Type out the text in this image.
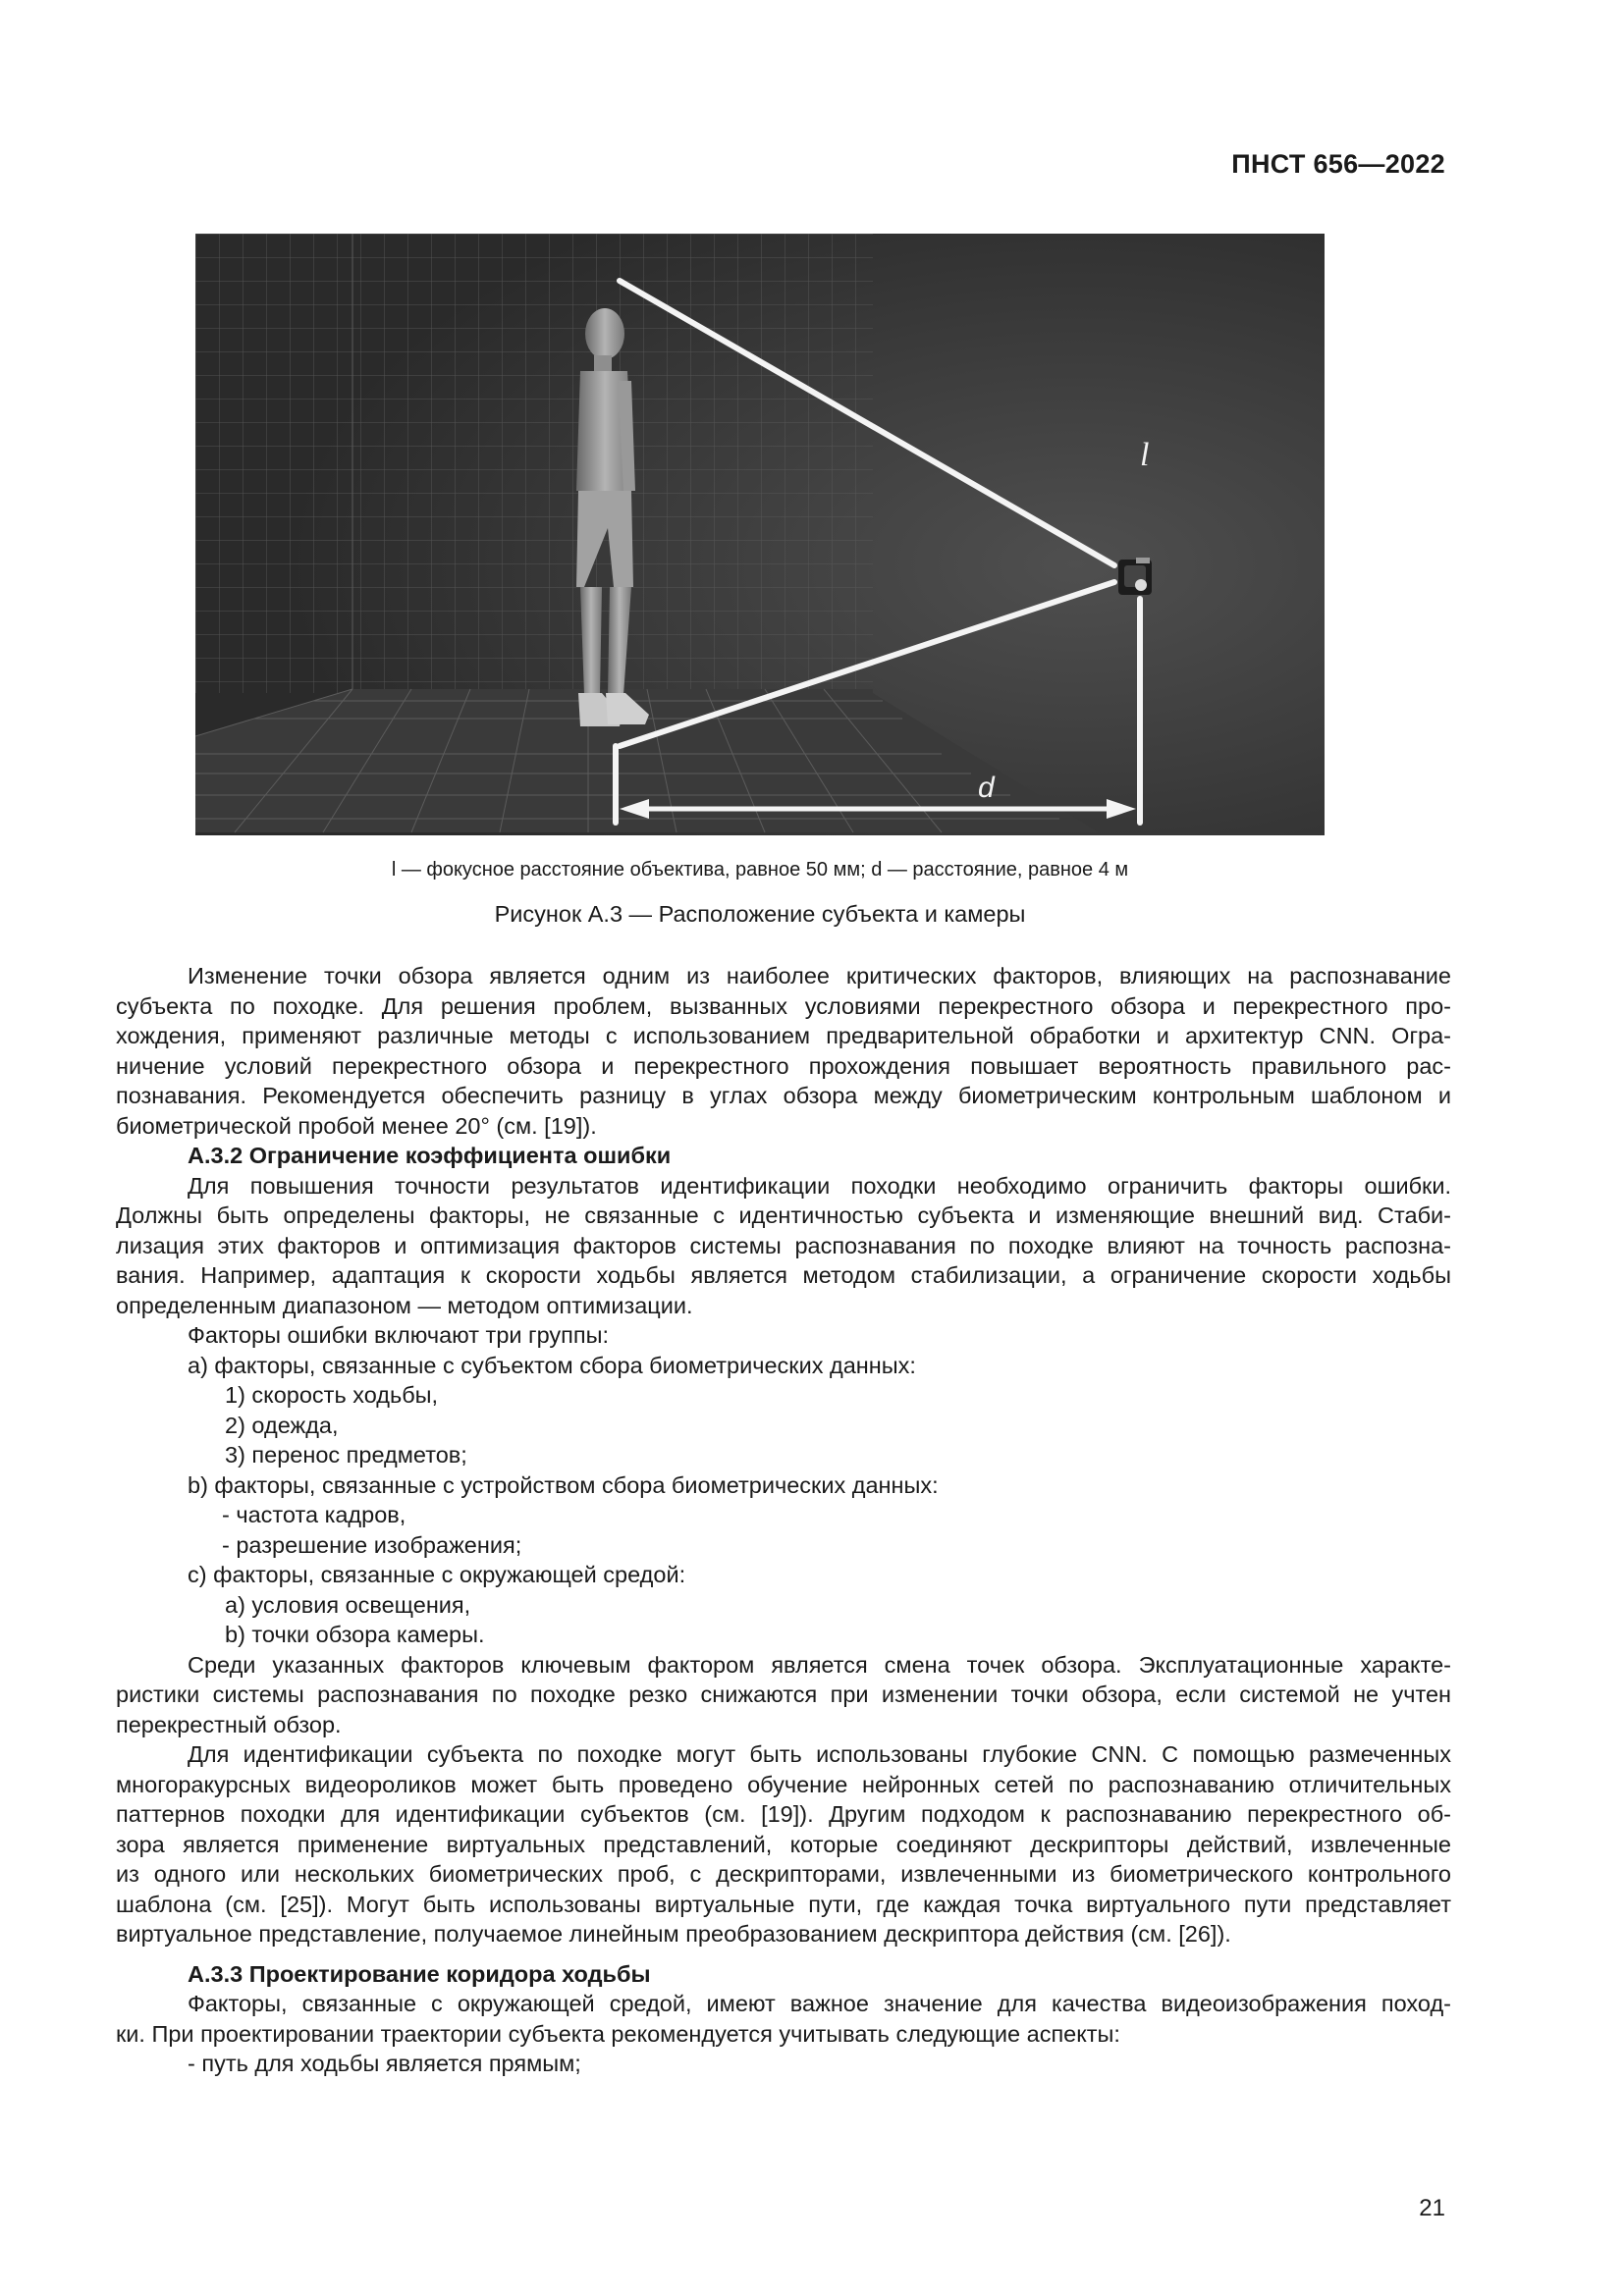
ПНСТ 656—2022
l
d
l — фокусное расстояние объектива, равное 50 мм; d — расстояние, равное 4 м
Рисунок А.3 — Расположение субъекта и камеры

Изменение точки обзора является одним из наиболее критических факторов, влияющих на распознавание

субъекта по походке. Для решения проблем, вызванных условиями перекрестного обзора и перекрестного про-

хождения, применяют различные методы с использованием предварительной обработки и архитектур CNN. Огра-

ничение условий перекрестного обзора и перекрестного прохождения повышает вероятность правильного рас-

познавания. Рекомендуется обеспечить разницу в углах обзора между биометрическим контрольным шаблоном и

биометрической пробой менее 20° (см. [19]).

А.3.2 Ограничение коэффициента ошибки

Для повышения точности результатов идентификации походки необходимо ограничить факторы ошибки.

Должны быть определены факторы, не связанные с идентичностью субъекта и изменяющие внешний вид. Стаби-

лизация этих факторов и оптимизация факторов системы распознавания по походке влияют на точность распозна-

вания. Например, адаптация к скорости ходьбы является методом стабилизации, а ограничение скорости ходьбы

определенным диапазоном — методом оптимизации.

Факторы ошибки включают три группы:

a) факторы, связанные с субъектом сбора биометрических данных:

1) скорость ходьбы,

2) одежда,

3) перенос предметов;

b) факторы, связанные с устройством сбора биометрических данных:

- частота кадров,

- разрешение изображения;

c) факторы, связанные с окружающей средой:

a) условия освещения,

b) точки обзора камеры.

Среди указанных факторов ключевым фактором является смена точек обзора. Эксплуатационные характе-

ристики системы распознавания по походке резко снижаются при изменении точки обзора, если системой не учтен

перекрестный обзор.

Для идентификации субъекта по походке могут быть использованы глубокие CNN. С помощью размеченных

многоракурсных видеороликов может быть проведено обучение нейронных сетей по распознаванию отличительных

паттернов походки для идентификации субъектов (см. [19]). Другим подходом к распознаванию перекрестного об-

зора является применение виртуальных представлений, которые соединяют дескрипторы действий, извлеченные

из одного или нескольких биометрических проб, с дескрипторами, извлеченными из биометрического контрольного

шаблона (см. [25]). Могут быть использованы виртуальные пути, где каждая точка виртуального пути представляет

виртуальное представление, получаемое линейным преобразованием дескриптора действия (см. [26]).

А.3.3 Проектирование коридора ходьбы

Факторы, связанные с окружающей средой, имеют важное значение для качества видеоизображения поход-

ки. При проектировании траектории субъекта рекомендуется учитывать следующие аспекты:

- путь для ходьбы является прямым;

21
